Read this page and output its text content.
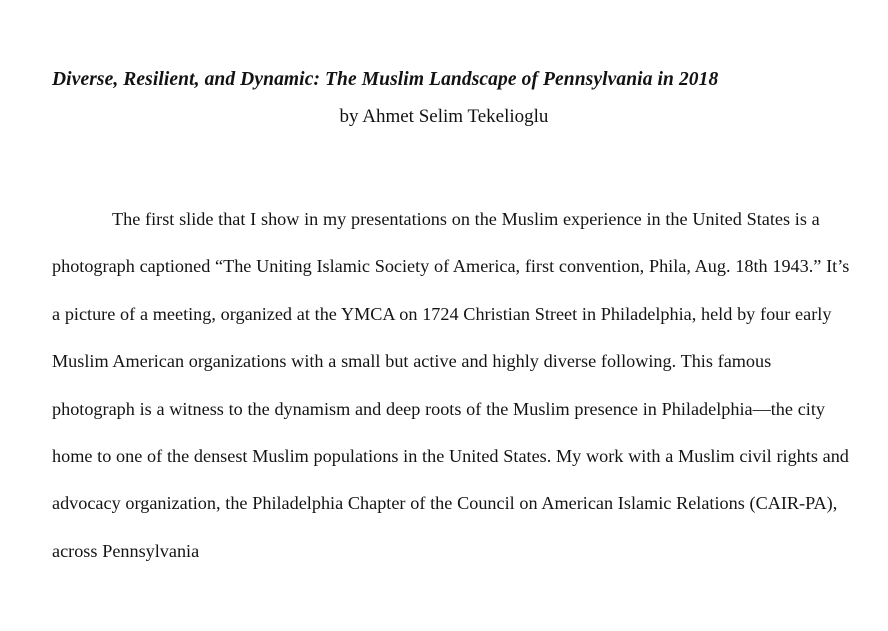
Diverse, Resilient, and Dynamic: The Muslim Landscape of Pennsylvania in 2018
by Ahmet Selim Tekelioglu

The first slide that I show in my presentations on the Muslim experience in the United States is a photograph captioned “The Uniting Islamic Society of America, first convention, Phila, Aug. 18th 1943.” It’s a picture of a meeting, organized at the YMCA on 1724 Christian Street in Philadelphia, held by four early Muslim American organizations with a small but active and highly diverse following. This famous photograph is a witness to the dynamism and deep roots of the Muslim presence in Philadelphia—the city home to one of the densest Muslim populations in the United States. My work with a Muslim civil rights and advocacy organization, the Philadelphia Chapter of the Council on American Islamic Relations (CAIR-PA), across Pennsylvania
